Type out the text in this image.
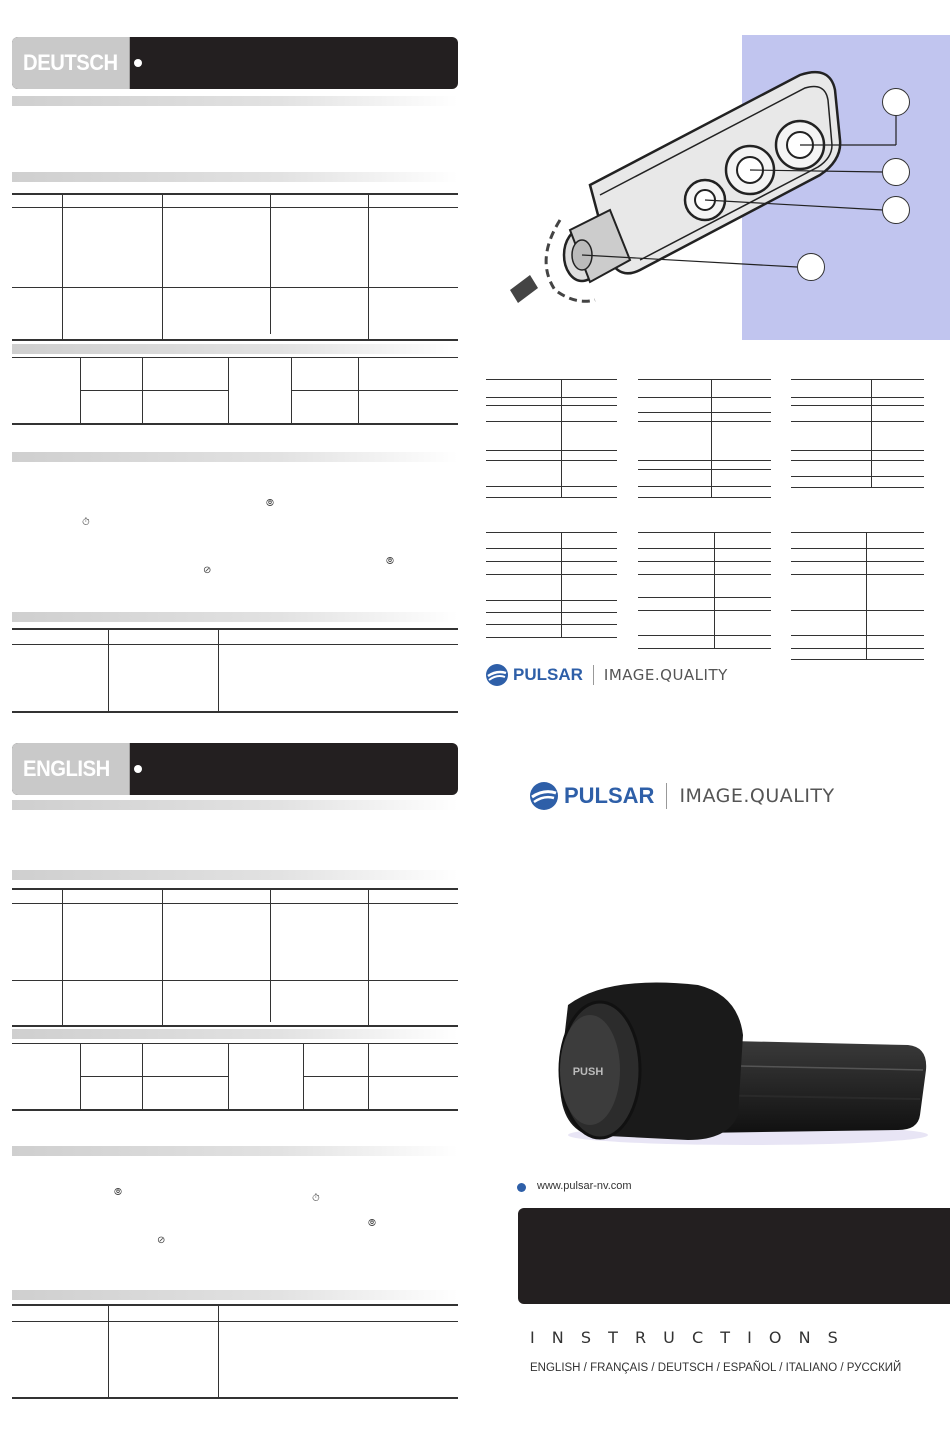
DEUTSCH
⦾
⏱
⦾
⊘
ENGLISH
⦾
⏱
⦾
⊘
PULSAR IMAGE.QUALITY
PULSAR IMAGE.QUALITY
PUSH
www.pulsar-nv.com
I N S T R U C T I O N S
ENGLISH / FRANÇAIS / DEUTSCH / ESPAÑOL / ITALIANO / РУССКИЙ
